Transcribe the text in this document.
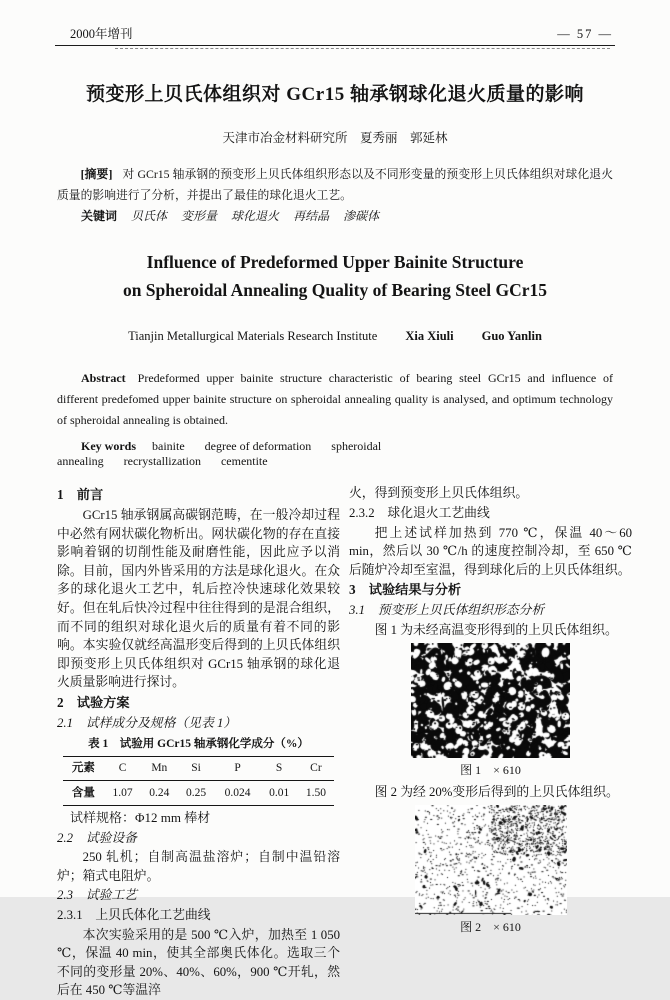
2000年增刊	— 57 —
预变形上贝氏体组织对 GCr15 轴承钢球化退火质量的影响
天津市冶金材料研究所　夏秀丽　郭延林

[摘要] 对 GCr15 轴承钢的预变形上贝氏体组织形态以及不同形变量的预变形上贝氏体组织对球化退火质量的影响进行了分析，并提出了最佳的球化退火工艺。

关键词 贝氏体 变形量 球化退火 再结晶 渗碳体

Influence of Predeformed Upper Bainite Structure
on Spheroidal Annealing Quality of Bearing Steel GCr15
Tianjin Metallurgical Materials Research Institute Xia Xiuli Guo Yanlin

Abstract Predeformed upper bainite structure characteristic of bearing steel GCr15 and influence of different predefomed upper bainite structure on spheroidal annealing quality is analysed, and optimum technology of spheroidal annealing is obtained.

Key words bainite degree of deformation spheroidal annealing recrystallization cementite

1　前言

GCr15 轴承钢属高碳钢范畴，在一般冷却过程中必然有网状碳化物析出。网状碳化物的存在直接影响着钢的切削性能及耐磨性能，因此应予以消除。目前，国内外皆采用的方法是球化退火。在众多的球化退火工艺中，轧后控冷快速球化效果较好。但在轧后快冷过程中往往得到的是混合组织，而不同的组织对球化退火后的质量有着不同的影响。本实验仅就经高温形变后得到的上贝氏体组织即预变形上贝氏体组织对 GCr15 轴承钢的球化退火质量影响进行探讨。

2　试验方案
2.1　试样成分及规格（见表 1）
表 1　试验用 GCr15 轴承钢化学成分（%）
元素	C	Mn	Si	P	S	Cr
含量	1.07	0.24	0.25	0.024	0.01	1.50
试样规格：Φ12 mm 棒材
2.2　试验设备

250 轧机；自制高温盐溶炉；自制中温铅溶炉；箱式电阻炉。

2.3　试验工艺
2.3.1　上贝氏体化工艺曲线

本次实验采用的是 500 ℃入炉，加热至 1 050 ℃，保温 40 min，使其全部奥氏体化。选取三个不同的变形量 20%、40%、60%，900 ℃开轧，然后在 450 ℃等温淬

火，得到预变形上贝氏体组织。

2.3.2　球化退火工艺曲线

把上述试样加热到 770 ℃，保温 40～60 min，然后以 30 ℃/h 的速度控制冷却，至 650 ℃后随炉冷却至室温，得到球化后的上贝氏体组织。

3　试验结果与分析
3.1　预变形上贝氏体组织形态分析

图 1 为未经高温变形得到的上贝氏体组织。

图 1　× 610

图 2 为经 20%变形后得到的上贝氏体组织。

图 2　× 610
